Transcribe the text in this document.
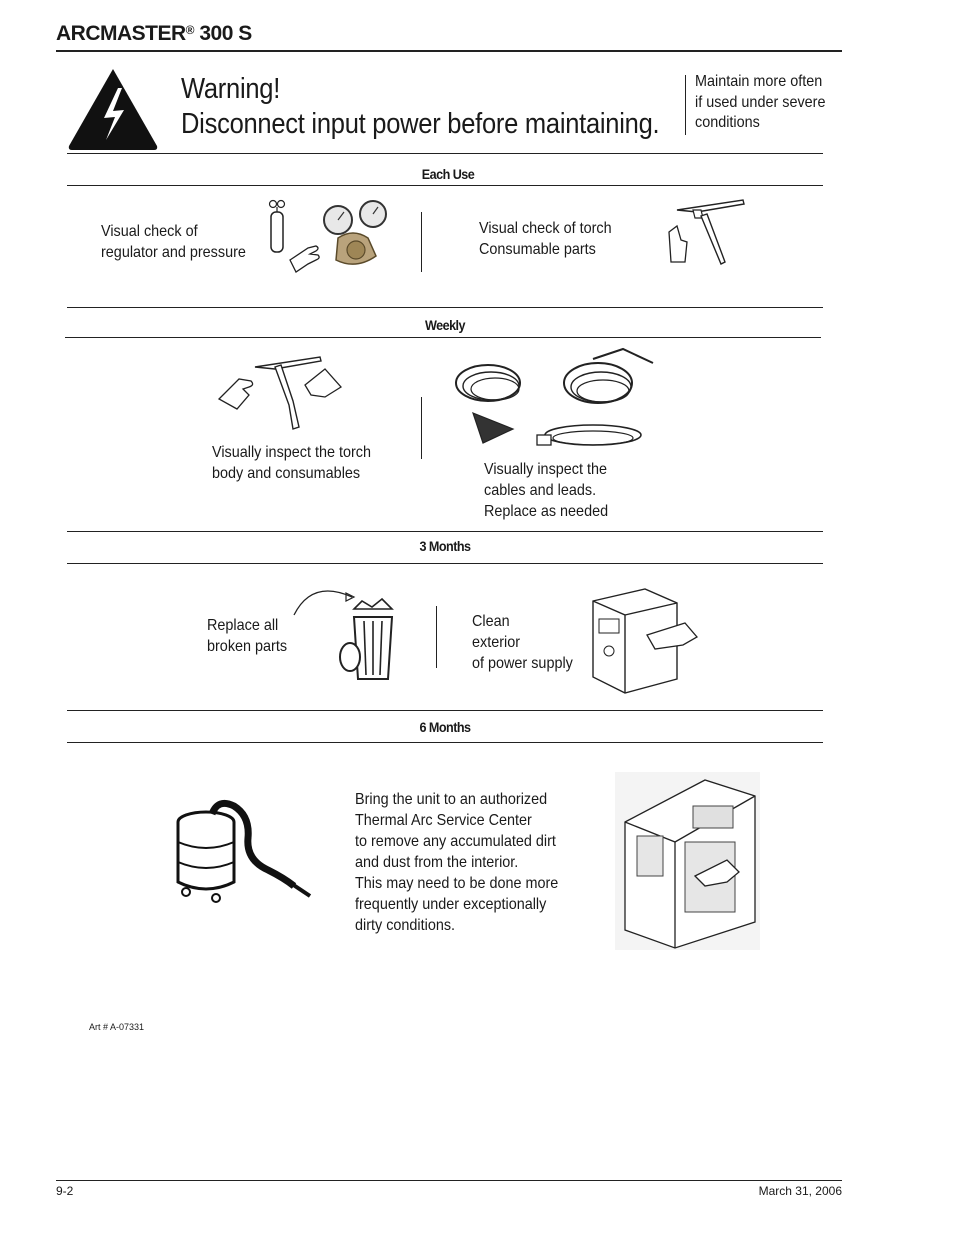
ARCMASTER® 300 S
Warning!
Disconnect input power before maintaining.
Maintain more often
if used under severe
conditions
Each Use
Visual check of
regulator and pressure
Visual check of torch
Consumable parts
Weekly
Visually inspect the torch
body and consumables	Visually inspect the
cables and leads.
Replace as needed
3 Months
Replace all
broken parts
Clean
exterior
of power supply
6 Months
Bring the unit to an authorized
Thermal Arc Service Center
to remove any accumulated dirt
and dust from the interior.
This may need to be done more
frequently under exceptionally
dirty conditions.
Art # A-07331
9-2	March 31, 2006
